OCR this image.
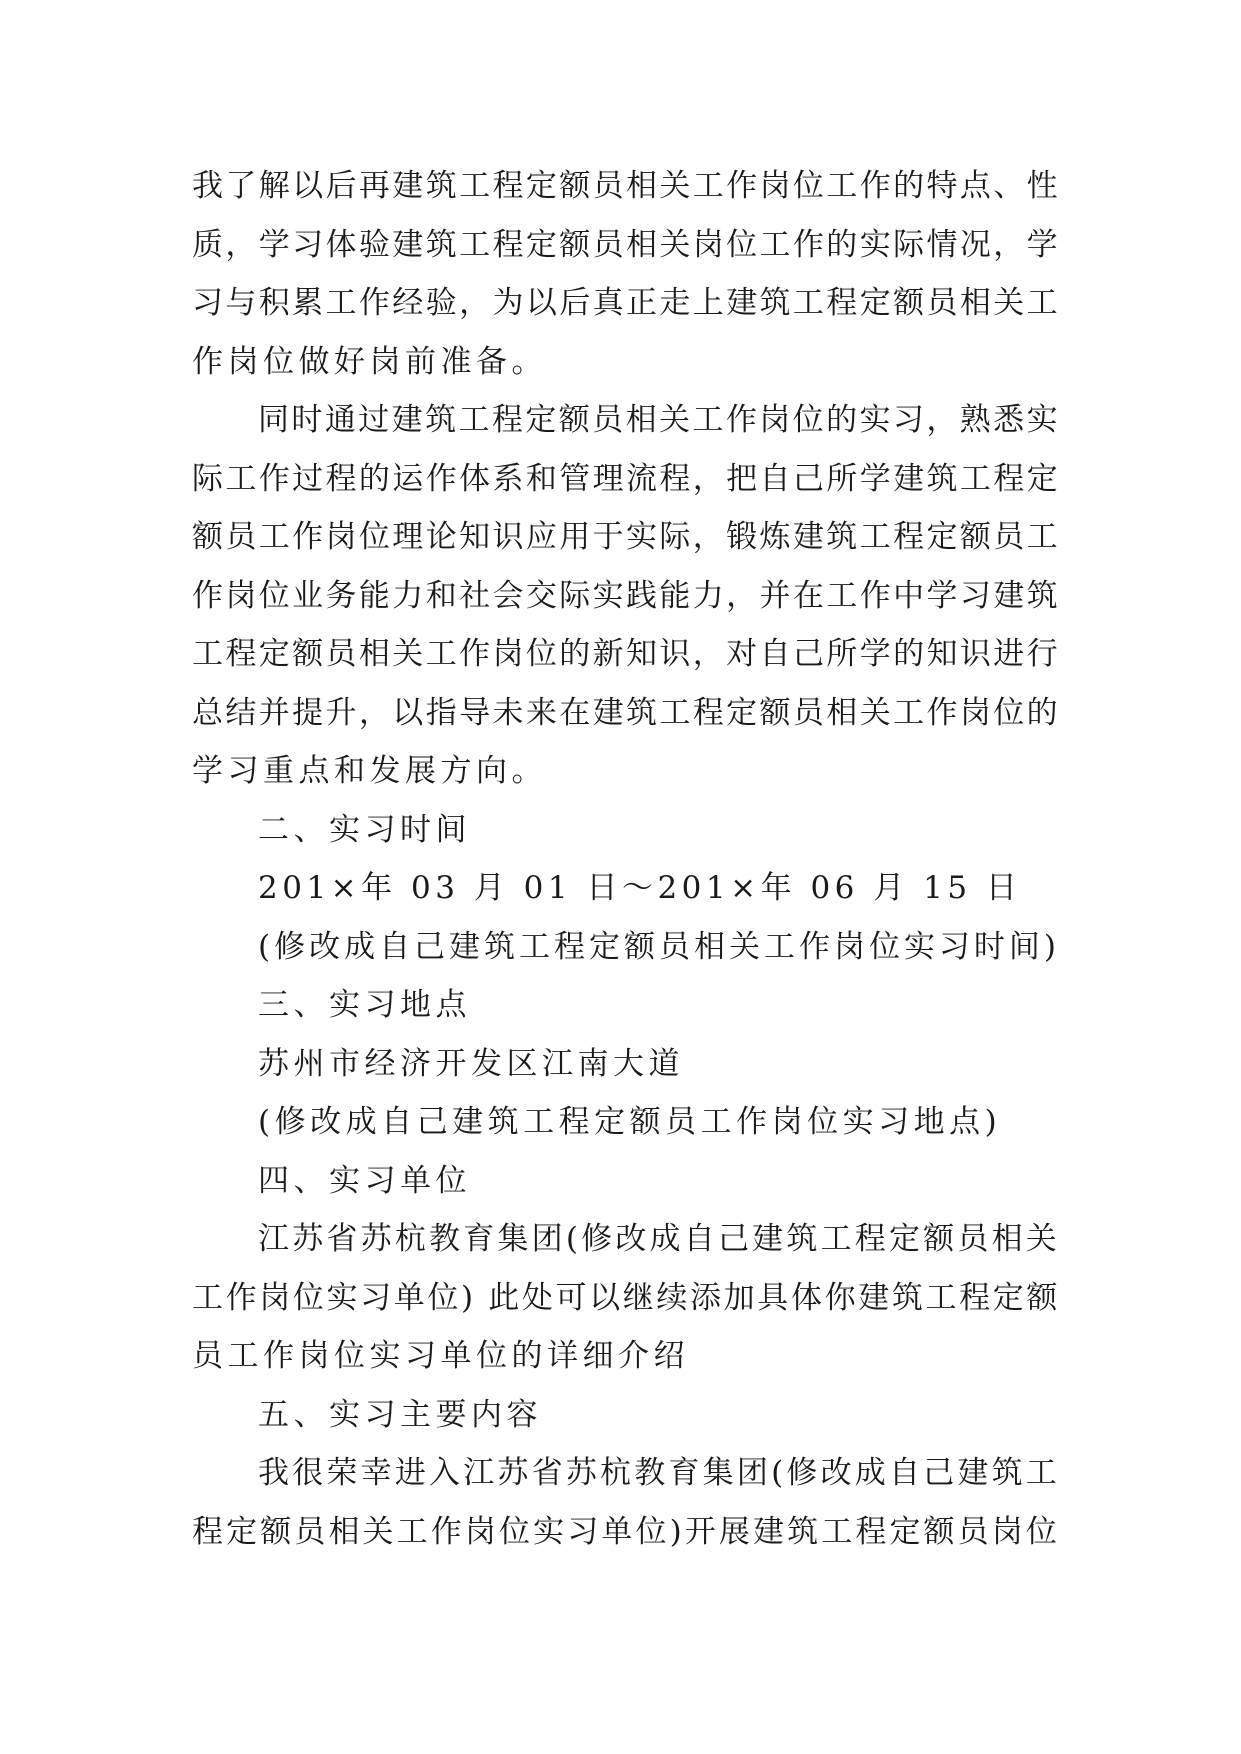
我了解以后再建筑工程定额员相关工作岗位工作的特点、性
质，学习体验建筑工程定额员相关岗位工作的实际情况，学
习与积累工作经验，为以后真正走上建筑工程定额员相关工
作岗位做好岗前准备。
同时通过建筑工程定额员相关工作岗位的实习，熟悉实
际工作过程的运作体系和管理流程，把自己所学建筑工程定
额员工作岗位理论知识应用于实际，锻炼建筑工程定额员工
作岗位业务能力和社会交际实践能力，并在工作中学习建筑
工程定额员相关工作岗位的新知识，对自己所学的知识进行
总结并提升，以指导未来在建筑工程定额员相关工作岗位的
学习重点和发展方向。
二、实习时间
201×年 03 月 01 日～201×年 06 月 15 日
(修改成自己建筑工程定额员相关工作岗位实习时间)
三、实习地点
苏州市经济开发区江南大道
(修改成自己建筑工程定额员工作岗位实习地点)
四、实习单位
江苏省苏杭教育集团(修改成自己建筑工程定额员相关
工作岗位实习单位) 此处可以继续添加具体你建筑工程定额
员工作岗位实习单位的详细介绍
五、实习主要内容
我很荣幸进入江苏省苏杭教育集团(修改成自己建筑工
程定额员相关工作岗位实习单位)开展建筑工程定额员岗位
